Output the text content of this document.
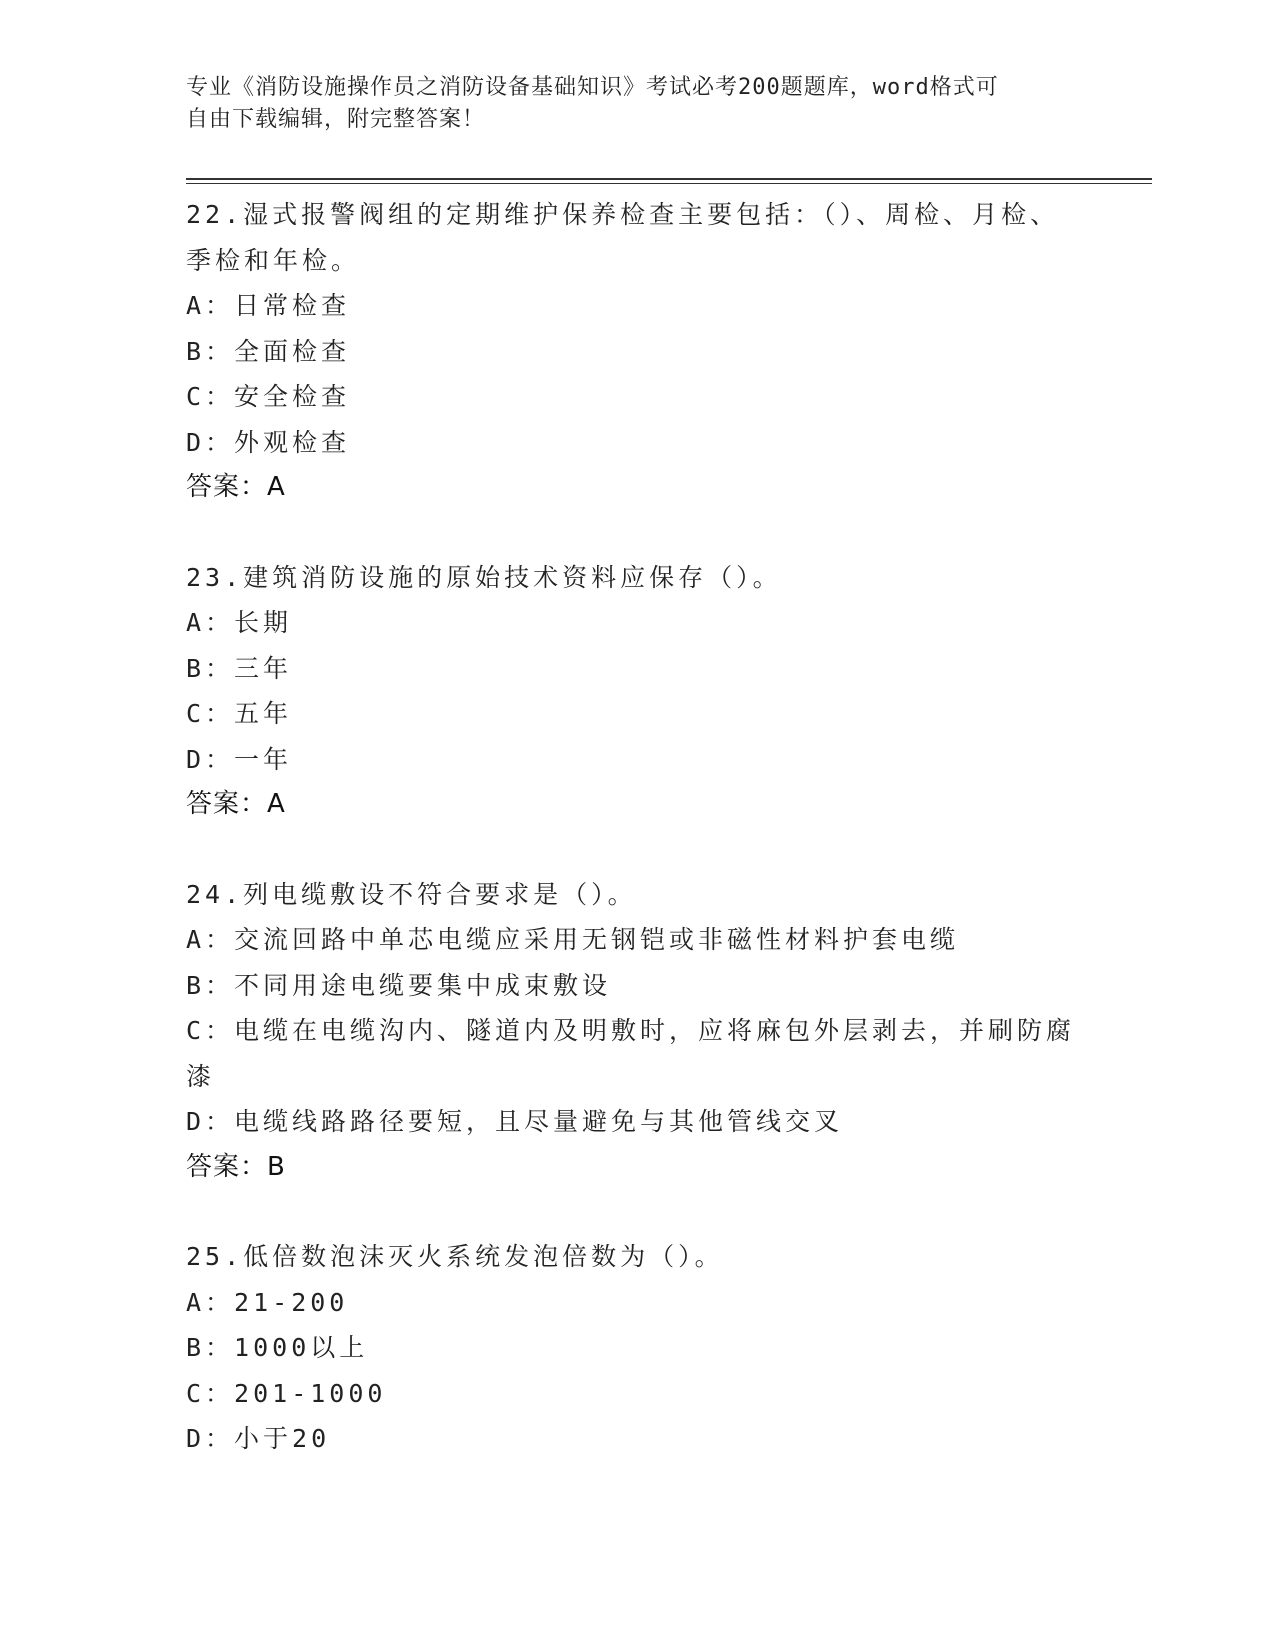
专业《消防设施操作员之消防设备基础知识》考试必考200题题库，word格式可
自由下载编辑，附完整答案！
22.湿式报警阀组的定期维护保养检查主要包括：（）、周检、月检、
季检和年检。
A：日常检查
B：全面检查
C：安全检查
D：外观检查
答案：A
23.建筑消防设施的原始技术资料应保存（）。
A：长期
B：三年
C：五年
D：一年
答案：A
24.列电缆敷设不符合要求是（）。
A：交流回路中单芯电缆应采用无钢铠或非磁性材料护套电缆
B：不同用途电缆要集中成束敷设
C：电缆在电缆沟内、隧道内及明敷时，应将麻包外层剥去，并刷防腐
漆
D：电缆线路路径要短，且尽量避免与其他管线交叉
答案：B
25.低倍数泡沫灭火系统发泡倍数为（）。
A：21-200
B：1000以上
C：201-1000
D：小于20
